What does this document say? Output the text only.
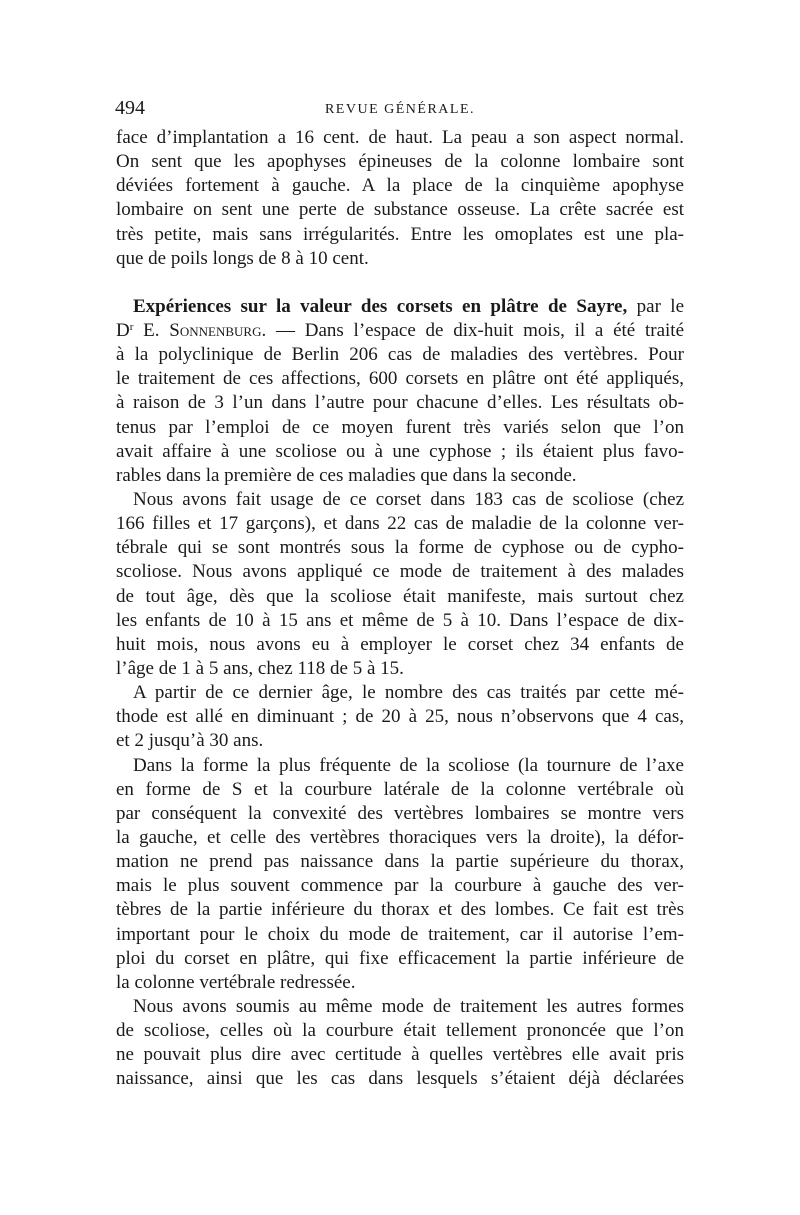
494	REVUE GÉNÉRALE.
face d’implantation a 16 cent. de haut. La peau a son aspect normal.
On sent que les apophyses épineuses de la colonne lombaire sont
déviées fortement à gauche. A la place de la cinquième apophyse
lombaire on sent une perte de substance osseuse. La crête sacrée est
très petite, mais sans irrégularités. Entre les omoplates est une pla-
que de poils longs de 8 à 10 cent.
Expériences sur la valeur des corsets en plâtre de Sayre, par le
$D^r$ E. Sonnenburg. — Dans l’espace de dix-huit mois, il a été traité
à la polyclinique de Berlin 206 cas de maladies des vertèbres. Pour
le traitement de ces affections, 600 corsets en plâtre ont été appliqués,
à raison de 3 l’un dans l’autre pour chacune d’elles. Les résultats ob-
tenus par l’emploi de ce moyen furent très variés selon que l’on
avait affaire à une scoliose ou à une cyphose ; ils étaient plus favo-
rables dans la première de ces maladies que dans la seconde.
Nous avons fait usage de ce corset dans 183 cas de scoliose (chez
166 filles et 17 garçons), et dans 22 cas de maladie de la colonne ver-
tébrale qui se sont montrés sous la forme de cyphose ou de cypho-
scoliose. Nous avons appliqué ce mode de traitement à des malades
de tout âge, dès que la scoliose était manifeste, mais surtout chez
les enfants de 10 à 15 ans et même de 5 à 10. Dans l’espace de dix-
huit mois, nous avons eu à employer le corset chez 34 enfants de
l’âge de 1 à 5 ans, chez 118 de 5 à 15.
A partir de ce dernier âge, le nombre des cas traités par cette mé-
thode est allé en diminuant ; de 20 à 25, nous n’observons que 4 cas,
et 2 jusqu’à 30 ans.
Dans la forme la plus fréquente de la scoliose (la tournure de l’axe
en forme de S et la courbure latérale de la colonne vertébrale où
par conséquent la convexité des vertèbres lombaires se montre vers
la gauche, et celle des vertèbres thoraciques vers la droite), la défor-
mation ne prend pas naissance dans la partie supérieure du thorax,
mais le plus souvent commence par la courbure à gauche des ver-
tèbres de la partie inférieure du thorax et des lombes. Ce fait est très
important pour le choix du mode de traitement, car il autorise l’em-
ploi du corset en plâtre, qui fixe efficacement la partie inférieure de
la colonne vertébrale redressée.
Nous avons soumis au même mode de traitement les autres formes
de scoliose, celles où la courbure était tellement prononcée que l’on
ne pouvait plus dire avec certitude à quelles vertèbres elle avait pris
naissance, ainsi que les cas dans lesquels s’étaient déjà déclarées
